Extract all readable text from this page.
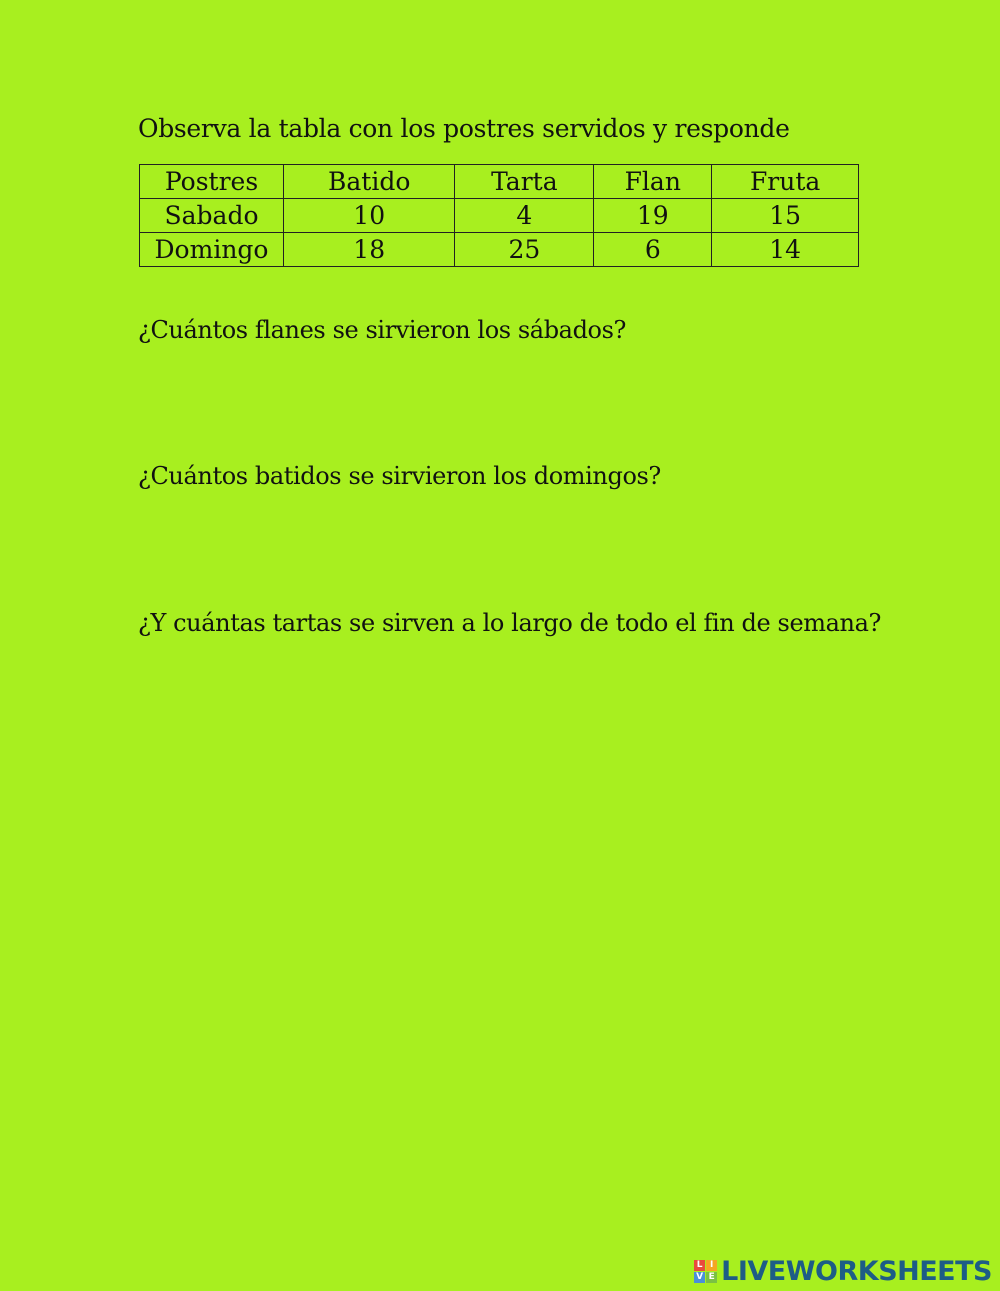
Observa la tabla con los postres servidos y responde
Postres	Batido	Tarta	Flan	Fruta
Sabado	10	4	19	15
Domingo	18	25	6	14
¿Cuántos flanes se sirvieron los sábados?
¿Cuántos batidos se sirvieron los domingos?
¿Y cuántas tartas se sirven a lo largo de todo el fin de semana?
L I
V E LIVEWORKSHEETS
